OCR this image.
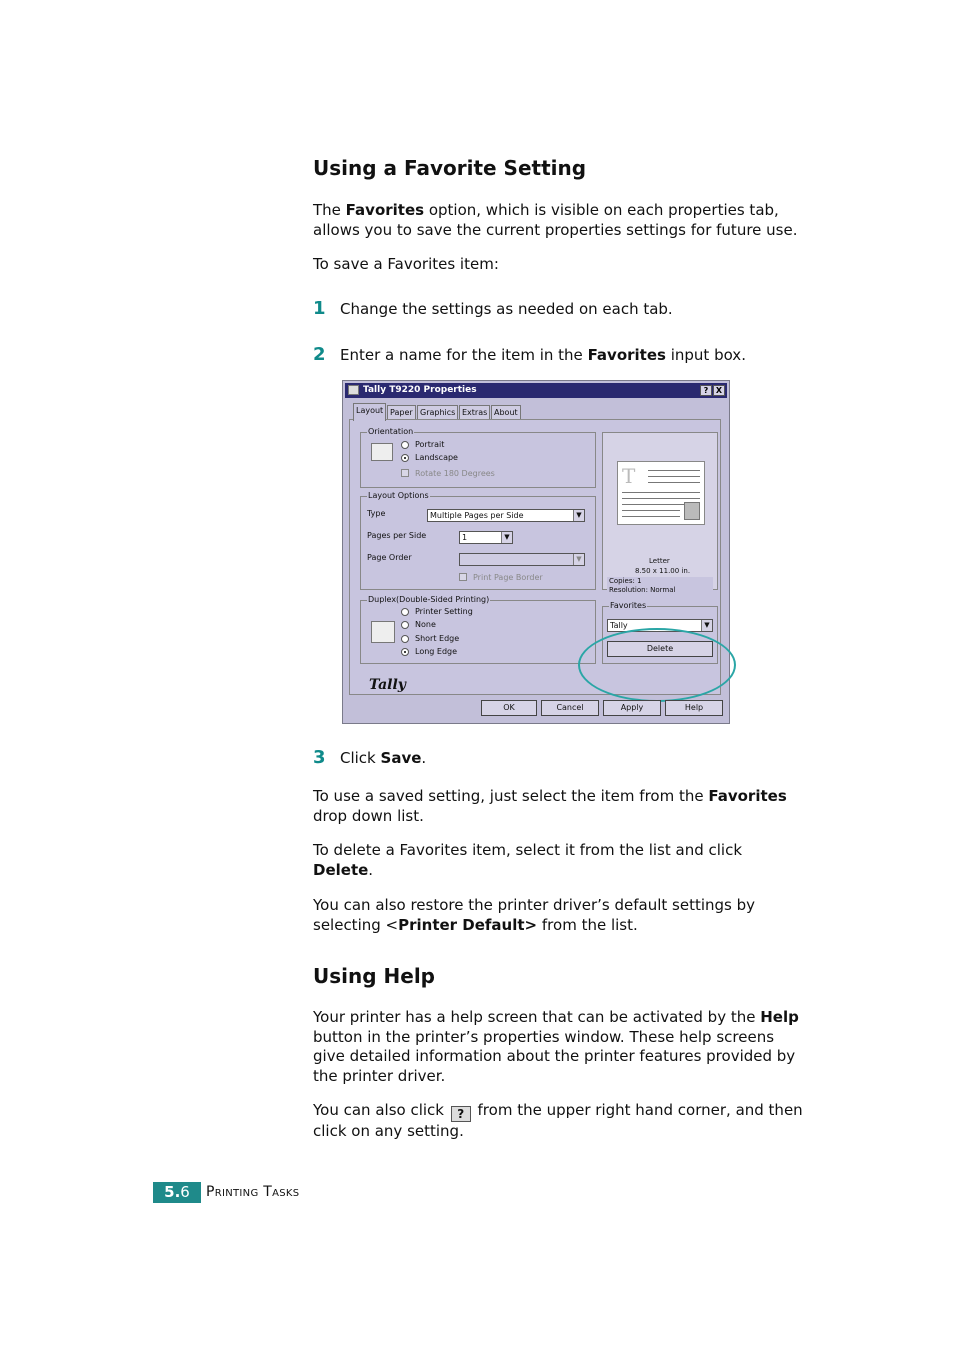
Using a Favorite Setting

The Favorites option, which is visible on each properties tab, allows you to save the current properties settings for future use.

To save a Favorites item:

1 Change the settings as needed on each tab.
2 Enter a name for the item in the Favorites input box.
Tally T9220 Properties	? X
Layout Paper Graphics Extras About
Orientation
Portrait
Landscape
Rotate 180 Degrees
Layout Options
Type	Multiple Pages per Side	▼
Pages per Side	1	▼
Page Order	▼
Print Page Border
Duplex(Double-Sided Printing)
Printer Setting
None
Short Edge
Long Edge
T
Letter
8.50 x 11.00 in.
Copies: 1
Resolution: Normal
Favorites
Tally	▼
Delete
Tally
OK	Cancel	Apply	Help
3 Click Save.

To use a saved setting, just select the item from the Favorites drop down list.

To delete a Favorites item, select it from the list and click Delete.

You can also restore the printer driver’s default settings by selecting <Printer Default> from the list.

Using Help

Your printer has a help screen that can be activated by the Help button in the printer’s properties window. These help screens give detailed information about the printer features provided by the printer driver.

You can also click ? from the upper right hand corner, and then click on any setting.

5.6	Printing Tasks
